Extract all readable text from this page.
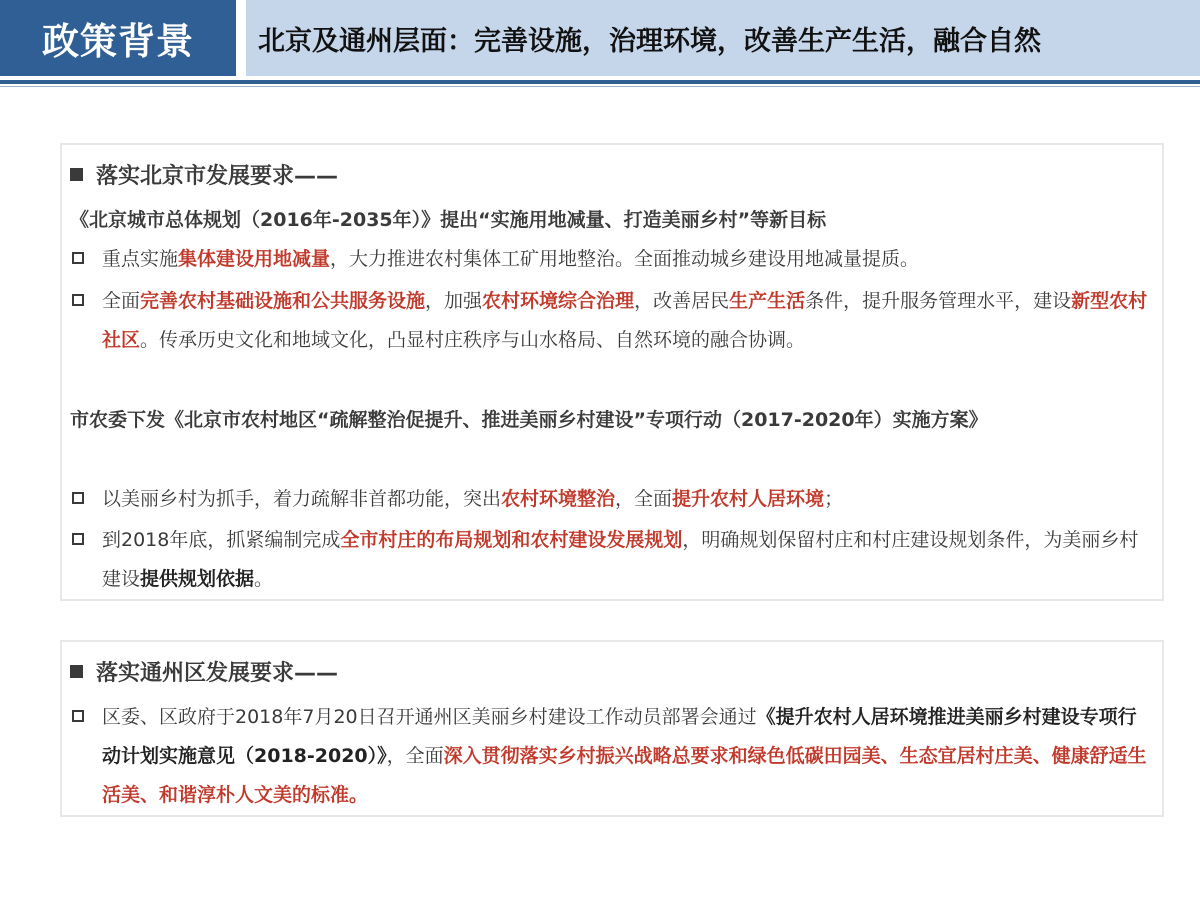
政策背景	北京及通州层面：完善设施，治理环境，改善生产生活，融合自然
落实北京市发展要求——
《北京城市总体规划（2016年-2035年）》提出“实施用地减量、打造美丽乡村”等新目标
重点实施集体建设用地减量，大力推进农村集体工矿用地整治。全面推动城乡建设用地减量提质。
全面完善农村基础设施和公共服务设施，加强农村环境综合治理，改善居民生产生活条件，提升服务管理水平，建设新型农村社区。传承历史文化和地域文化，凸显村庄秩序与山水格局、自然环境的融合协调。
市农委下发《北京市农村地区“疏解整治促提升、推进美丽乡村建设”专项行动（2017-2020年）实施方案》
以美丽乡村为抓手，着力疏解非首都功能，突出农村环境整治，全面提升农村人居环境；
到2018年底，抓紧编制完成全市村庄的布局规划和农村建设发展规划，明确规划保留村庄和村庄建设规划条件，为美丽乡村建设提供规划依据。
落实通州区发展要求——
区委、区政府于2018年7月20日召开通州区美丽乡村建设工作动员部署会通过《提升农村人居环境推进美丽乡村建设专项行动计划实施意见（2018-2020）》，全面深入贯彻落实乡村振兴战略总要求和绿色低碳田园美、生态宜居村庄美、健康舒适生活美、和谐淳朴人文美的标准。
